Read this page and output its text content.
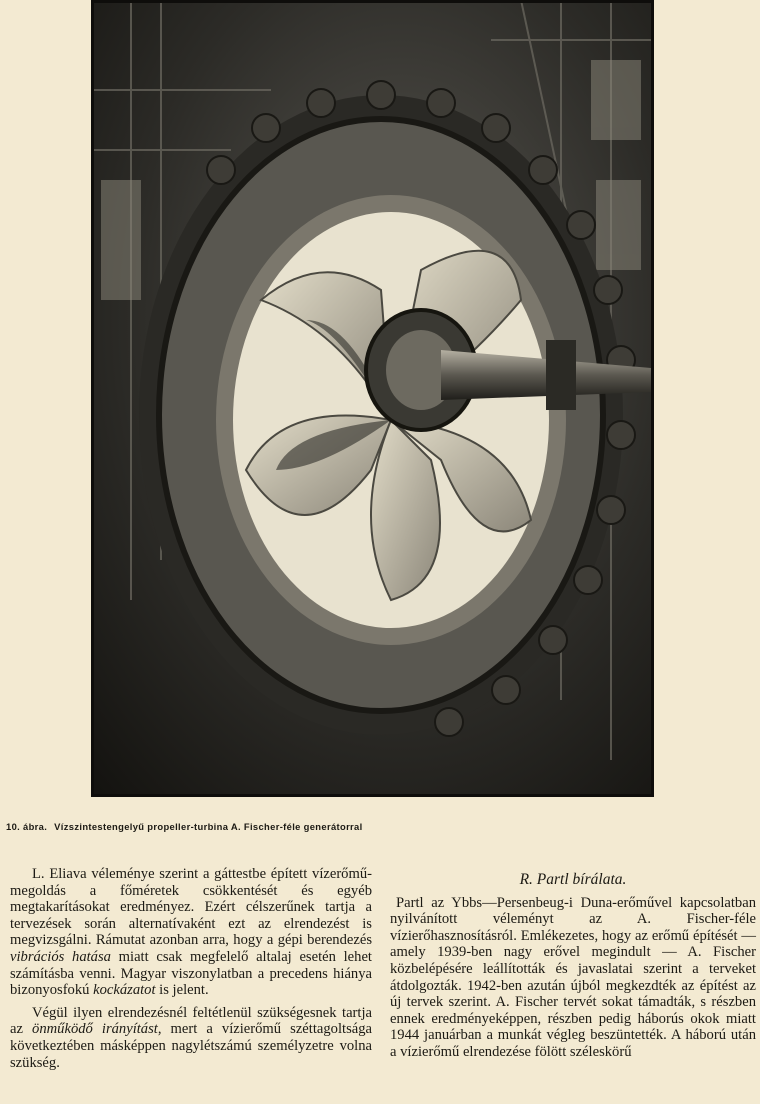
10. ábra. Vízszintestengelyű propeller-turbina A. Fischer-féle generátorral

L. Eliava véleménye szerint a gáttestbe épített vízerőmű-megoldás a főméretek csökkentését és egyéb megtakarításokat eredményez. Ezért célszerűnek tartja a tervezések során alternatívaként ezt az elrendezést is megvizsgálni. Rámutat azonban arra, hogy a gépi berendezés vibrációs hatása miatt csak megfelelő altalaj esetén lehet számításba venni. Magyar viszonylatban a precedens hiánya bizonyosfokú kockázatot is jelent.

Végül ilyen elrendezésnél feltétlenül szükségesnek tartja az önműködő irányítást, mert a vízierőmű széttagoltsága következtében másképpen nagylétszámú személyzetre volna szükség.

R. Partl bírálata.

Partl az Ybbs—Persenbeug-i Duna-erőművel kapcsolatban nyilvánított véleményt az A. Fischer-féle vízierőhasznosításról. Emlékezetes, hogy az erőmű építését — amely 1939-ben nagy erővel megindult — A. Fischer közbelépésére leállították és javaslatai szerint a terveket átdolgozták. 1942-ben azután újból megkezdték az építést az új tervek szerint. A. Fischer tervét sokat támadták, s részben ennek eredményeképpen, részben pedig háborús okok miatt 1944 januárban a munkát végleg beszüntették. A háború után a vízierőmű elrendezése fölött széleskörű
